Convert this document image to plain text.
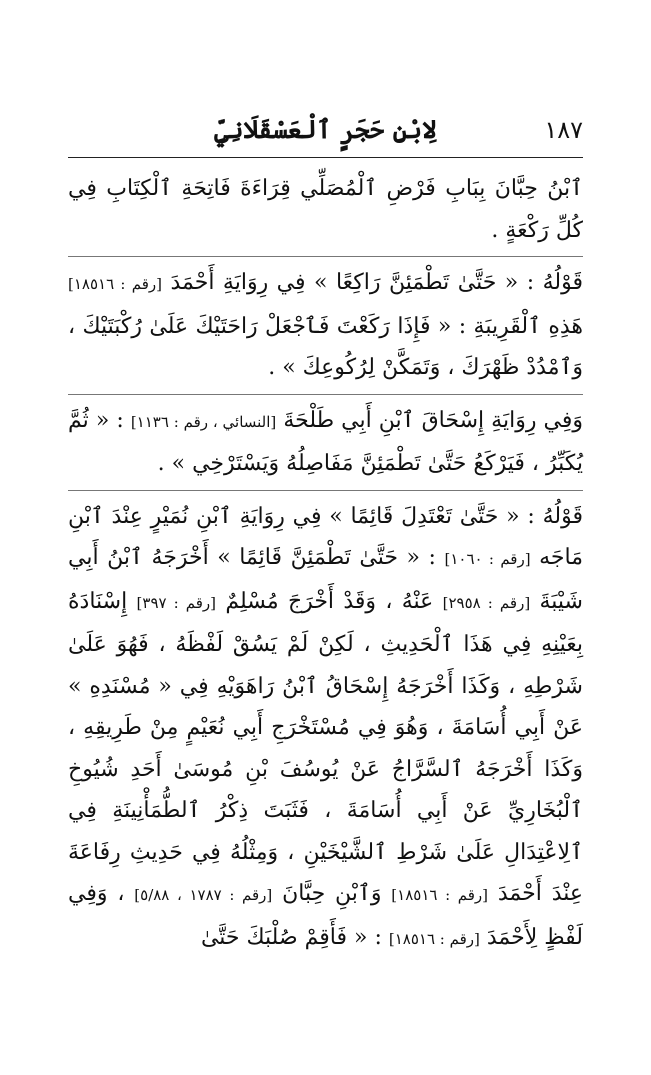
لِابْنِ حَجَرٍ ٱلْعَسْقَلَانِيِّ	١٨٧

ٱبْنُ حِبَّانَ بِبَابِ فَرْضِ ٱلْمُصَلِّي قِرَاءَةَ فَاتِحَةِ ٱلْكِتَابِ فِي كُلِّ رَكْعَةٍ .

قَوْلُهُ : « حَتَّىٰ تَطْمَئِنَّ رَاكِعًا » فِي رِوَايَةِ أَحْمَدَ [رقم : ١٨٥١٦] هَذِهِ ٱلْقَرِيبَةِ : « فَإِذَا رَكَعْتَ فَٱجْعَلْ رَاحَتَيْكَ عَلَىٰ رُكْبَتَيْكَ ، وَٱمْدُدْ ظَهْرَكَ ، وَتَمَكَّنْ لِرُكُوعِكَ » .

وَفِي رِوَايَةِ إِسْحَاقَ ٱبْنِ أَبِي طَلْحَةَ [النسائي ، رقم : ١١٣٦] : « ثُمَّ يُكَبِّرُ ، فَيَرْكَعُ حَتَّىٰ تَطْمَئِنَّ مَفَاصِلُهُ وَيَسْتَرْخِي » .

قَوْلُهُ : « حَتَّىٰ تَعْتَدِلَ قَائِمًا » فِي رِوَايَةِ ٱبْنِ نُمَيْرٍ عِنْدَ ٱبْنِ مَاجَه [رقم : ١٠٦٠] : « حَتَّىٰ تَطْمَئِنَّ قَائِمًا » أَخْرَجَهُ ٱبْنُ أَبِي شَيْبَةَ [رقم : ٢٩٥٨] عَنْهُ ، وَقَدْ أَخْرَجَ مُسْلِمٌ [رقم : ٣٩٧] إِسْنَادَهُ بِعَيْنِهِ فِي هَذَا ٱلْحَدِيثِ ، لَكِنْ لَمْ يَسُقْ لَفْظَهُ ، فَهُوَ عَلَىٰ شَرْطِهِ ، وَكَذَا أَخْرَجَهُ إِسْحَاقُ ٱبْنُ رَاهَوَيْهِ فِي « مُسْنَدِهِ » عَنْ أَبِي أُسَامَةَ ، وَهُوَ فِي مُسْتَخْرَجِ أَبِي نُعَيْمٍ مِنْ طَرِيقِهِ ، وَكَذَا أَخْرَجَهُ ٱلسَّرَّاجُ عَنْ يُوسُفَ بْنِ مُوسَىٰ أَحَدِ شُيُوخِ ٱلْبُخَارِيِّ عَنْ أَبِي أُسَامَةَ ، فَثَبَتَ ذِكْرُ ٱلطُّمَأْنِينَةِ فِي ٱلِاعْتِدَالِ عَلَىٰ شَرْطِ ٱلشَّيْخَيْنِ ، وَمِثْلُهُ فِي حَدِيثِ رِفَاعَةَ عِنْدَ أَحْمَدَ [رقم : ١٨٥١٦] وَٱبْنِ حِبَّانَ [رقم : ١٧٨٧ ، ٥/٨٨] ، وَفِي لَفْظٍ لِأَحْمَدَ [رقم : ١٨٥١٦] : « فَأَقِمْ صُلْبَكَ حَتَّىٰ
